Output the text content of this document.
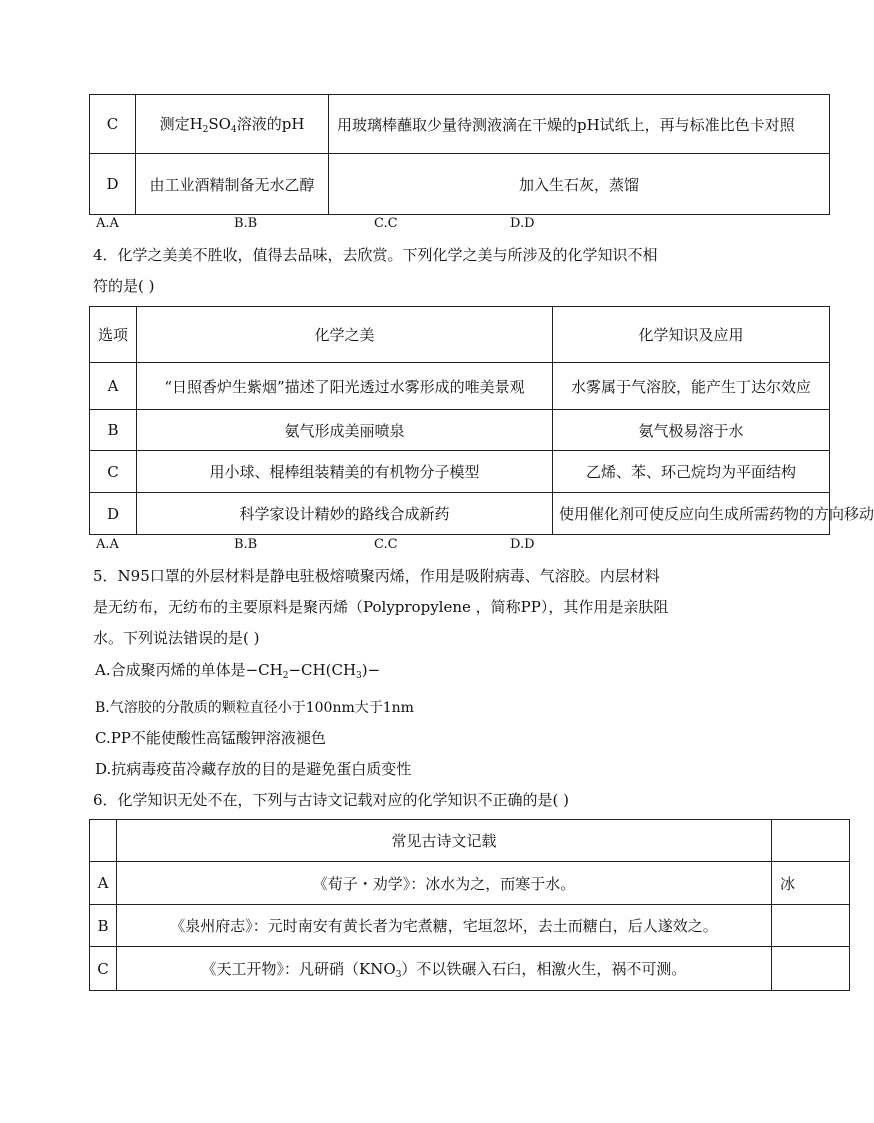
C	测定$H_2SO_4$溶液的pH	用玻璃棒蘸取少量待测液滴在干燥的pH试纸上，再与标准比色卡对照
D	由工业酒精制备无水乙醇	加入生石灰，蒸馏
A.A	B.B	C.C	D.D
4．化学之美美不胜收，值得去品味，去欣赏。下列化学之美与所涉及的化学知识不相
符的是( )
选项	化学之美	化学知识及应用
A	“日照香炉生紫烟”描述了阳光透过水雾形成的唯美景观	水雾属于气溶胶，能产生丁达尔效应
B	氨气形成美丽喷泉	氨气极易溶于水
C	用小球、棍棒组装精美的有机物分子模型	乙烯、苯、环己烷均为平面结构
D	科学家设计精妙的路线合成新药	使用催化剂可使反应向生成所需药物的方向移动
A.A	B.B	C.C	D.D
5．N95口罩的外层材料是静电驻极熔喷聚丙烯，作用是吸附病毒、气溶胶。内层材料
是无纺布，无纺布的主要原料是聚丙烯（Polypropylene ，简称PP），其作用是亲肤阻
水。下列说法错误的是( )
A.合成聚丙烯的单体是$-CH_2-CH(CH_3)-$
B.气溶胶的分散质的颗粒直径小于100nm大于1nm
C.PP不能使酸性高锰酸钾溶液褪色
D.抗病毒疫苗冷藏存放的目的是避免蛋白质变性
6．化学知识无处不在，下列与古诗文记载对应的化学知识不正确的是( )
	常见古诗文记载	
A	《荀子・劝学》：冰水为之，而寒于水。	冰
B	《泉州府志》：元时南安有黄长者为宅煮糖，宅垣忽坏，去土而糖白，后人遂效之。	
C	《天工开物》：凡研硝$(KNO_3)$不以铁碾入石臼，相激火生，祸不可测。	
